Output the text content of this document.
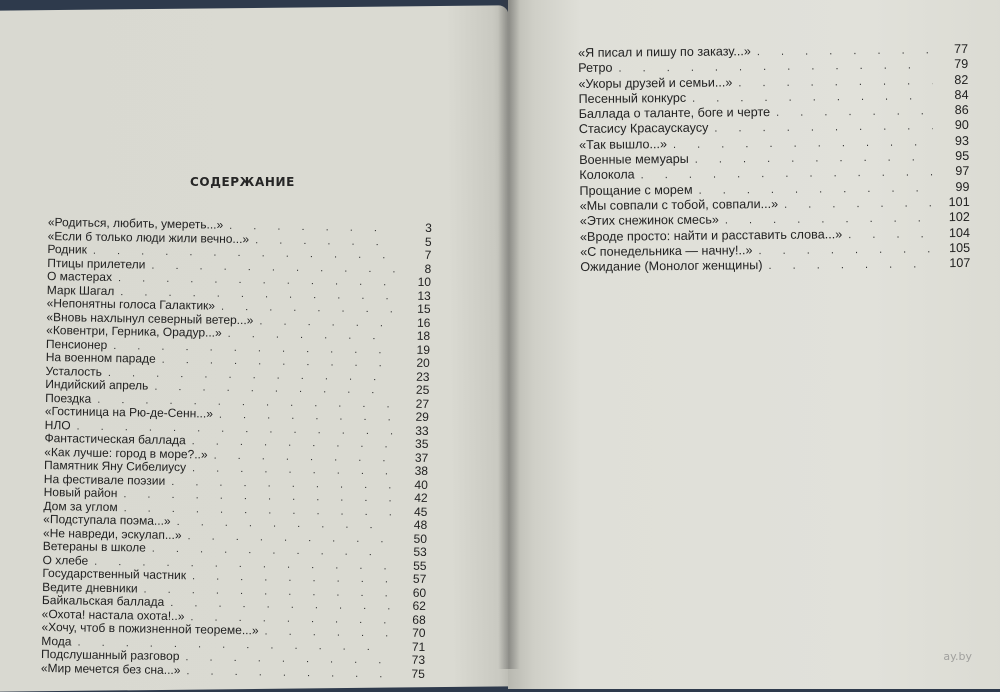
СОДЕРЖАНИЕ
«Родиться, любить, умереть...» . . .	3
«Если б только люди жили вечно...» . . .	5
Родник . . .	7
Птицы прилетели . . .	8
О мастерах . . .	10
Марк Шагал . . .	13
«Непонятны голоса Галактик» . . .	15
«Вновь нахлынул северный ветер...» . . .	16
«Ковентри, Герника, Орадур...» . . .	18
Пенсионер . . .	19
На военном параде . . .	20
Усталость . . .	23
Индийский апрель . . .	25
Поездка . . .	27
«Гостиница на Рю-де-Сенн...» . . .	29
НЛО . . .	33
Фантастическая баллада . . .	35
«Как лучше: город в море?..» . . .	37
Памятник Яну Сибелиусу . . .	38
На фестивале поэзии . . .	40
Новый район . . .	42
Дом за углом . . .	45
«Подступала поэма...» . . .	48
«Не навреди, эскулап...» . . .	50
Ветераны в школе . . .	53
О хлебе . . .	55
Государственный частник . . .	57
Ведите дневники . . .	60
Байкальская баллада . . .	62
«Охота! настала охота!..» . . .	68
«Хочу, чтоб в пожизненной теореме...» . . .	70
Мода . . .	71
Подслушанный разговор . . .	73
«Мир мечется без сна...» . . .	75
«Я писал и пишу по заказу...» . . .	77
Ретро . . .	79
«Укоры друзей и семьи...» . . .	82
Песенный конкурс . . .	84
Баллада о таланте, боге и черте . . .	86
Стасису Красаускаусу . . .	90
«Так вышло...» . . .	93
Военные мемуары . . .	95
Колокола . . .	97
Прощание с морем . . .	99
«Мы совпали с тобой, совпали...» . . .	101
«Этих снежинок смесь» . . .	102
«Вроде просто: найти и расставить слова...» . . .	104
«С понедельника — начну!..» . . .	105
Ожидание (Монолог женщины) . . .	107
ay.by
